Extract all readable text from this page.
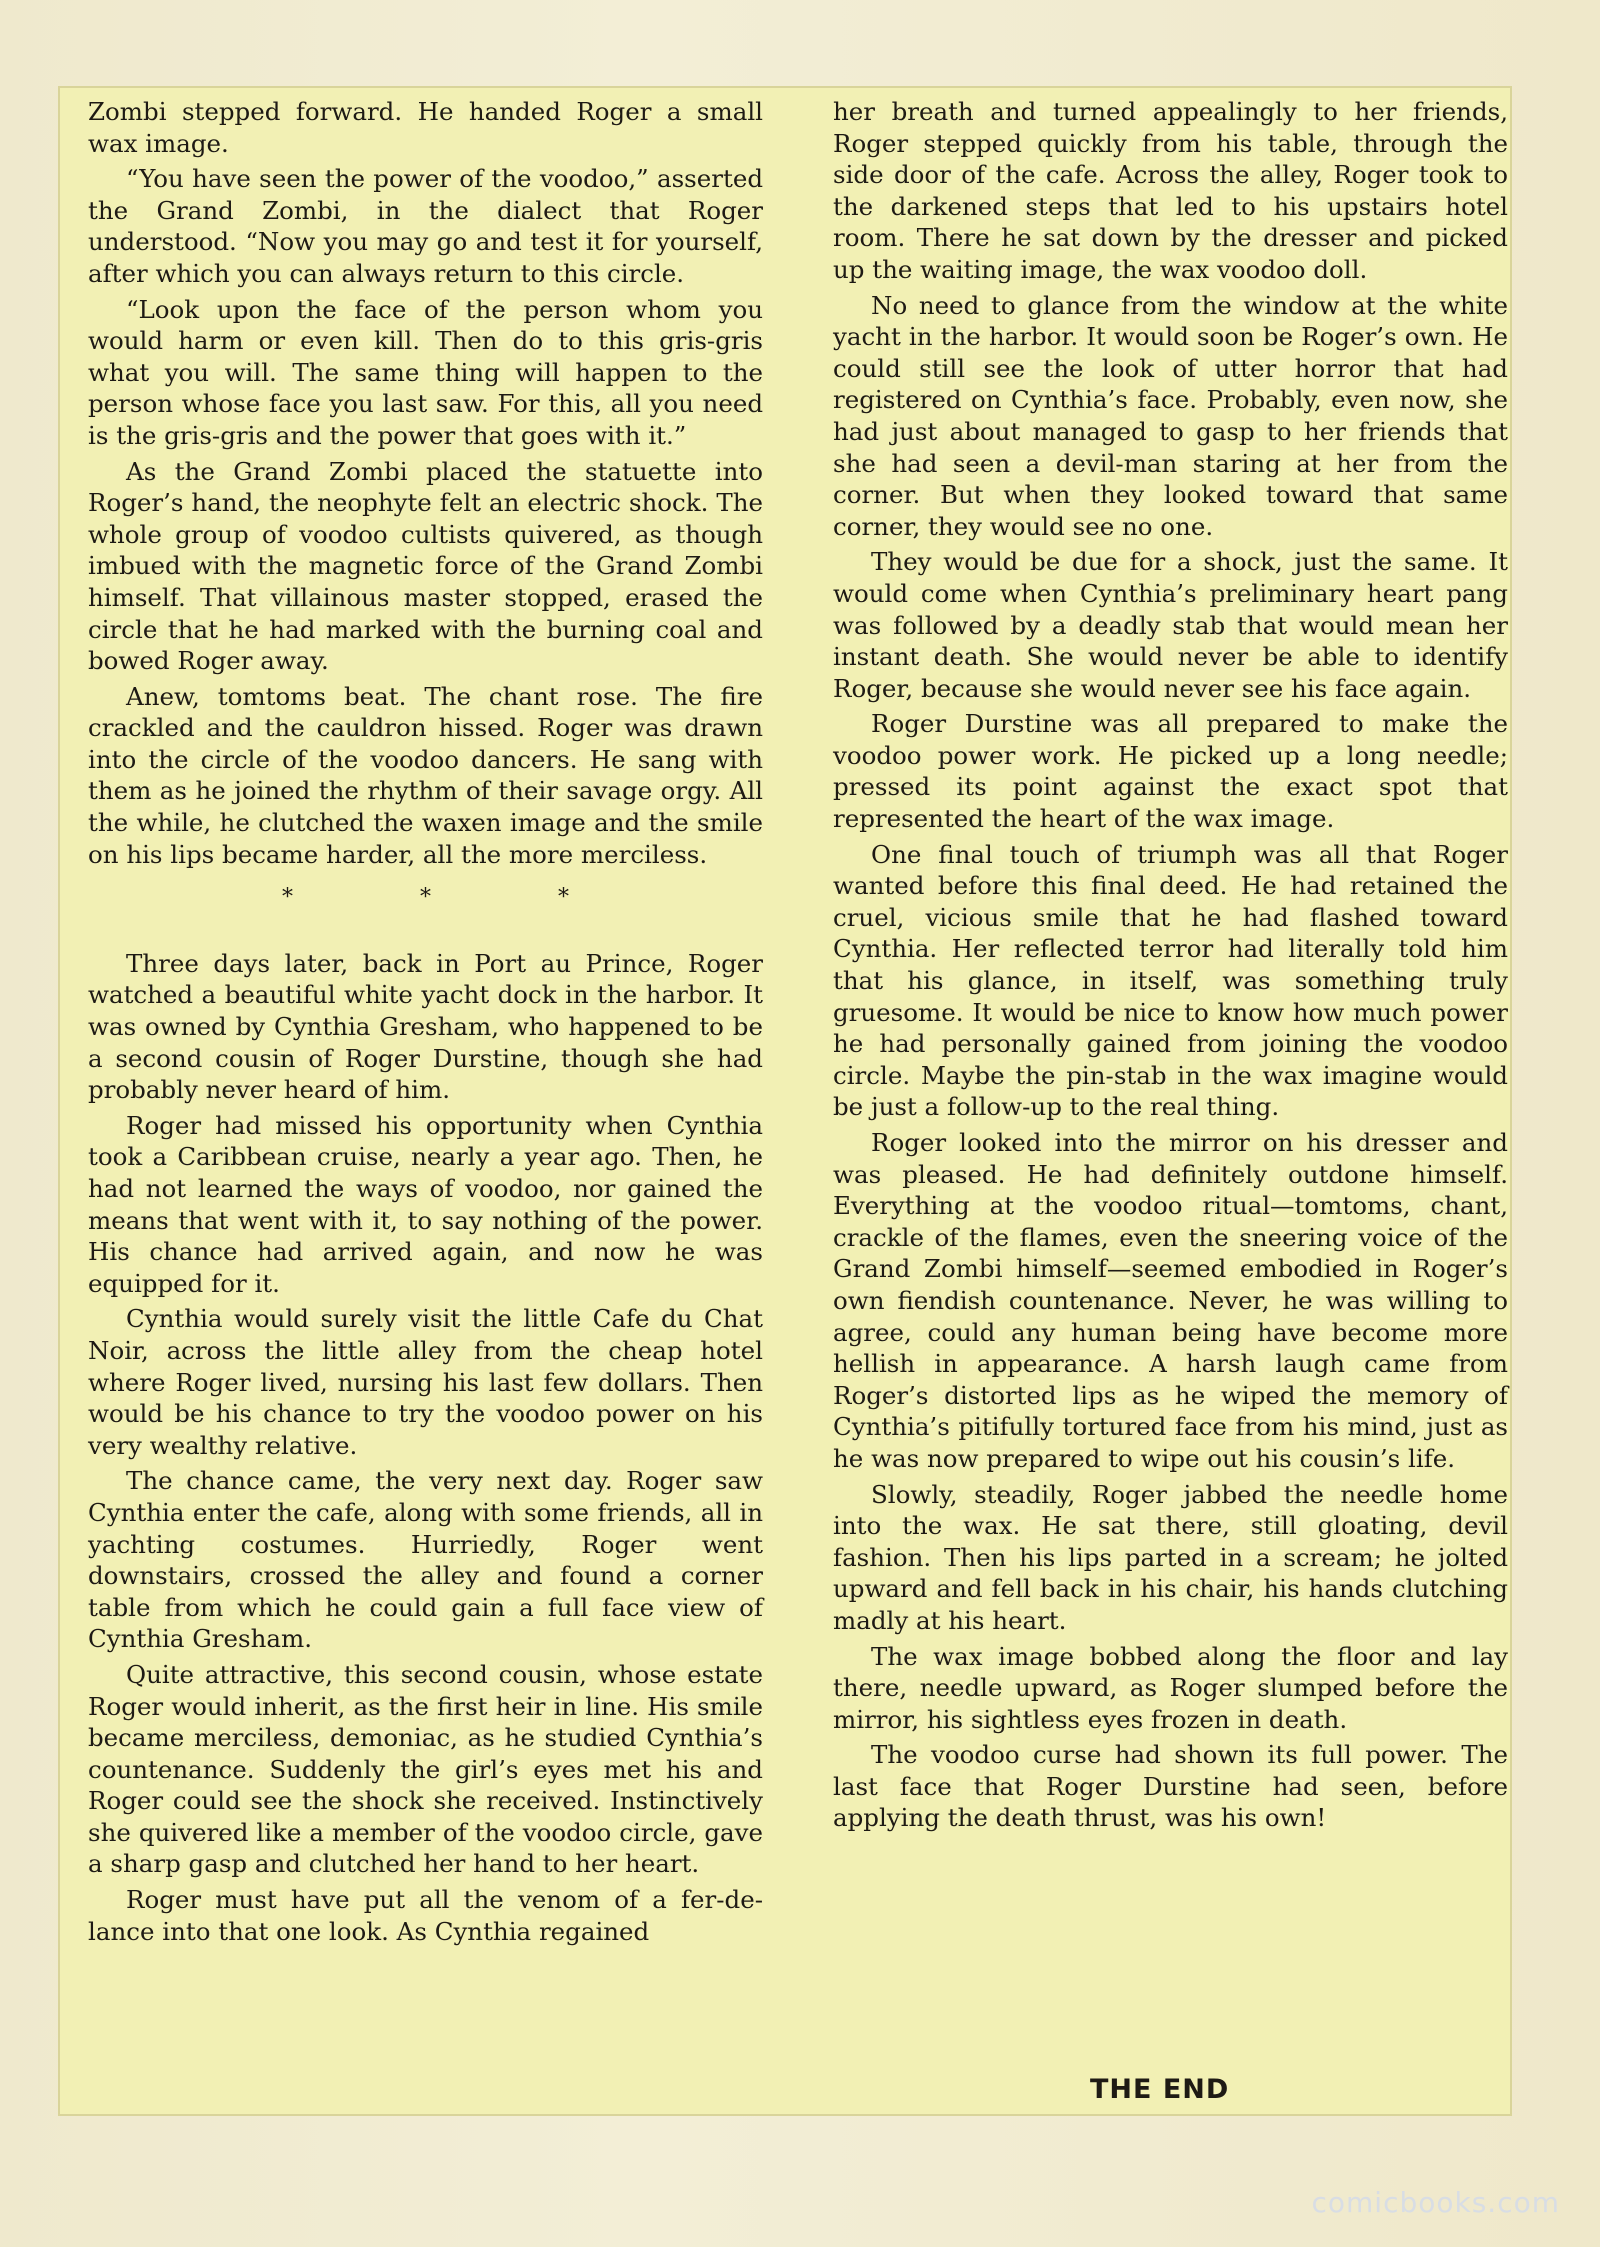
Zombi stepped forward. He handed Roger a small wax image.

“You have seen the power of the voodoo,” asserted the Grand Zombi, in the dialect that Roger understood. “Now you may go and test it for yourself, after which you can always return to this circle.

“Look upon the face of the person whom you would harm or even kill. Then do to this gris-gris what you will. The same thing will happen to the person whose face you last saw. For this, all you need is the gris-gris and the power that goes with it.”

As the Grand Zombi placed the statuette into Roger’s hand, the neophyte felt an electric shock. The whole group of voodoo cultists quivered, as though imbued with the magnetic force of the Grand Zombi himself. That villainous master stopped, erased the circle that he had marked with the burning coal and bowed Roger away.

Anew, tomtoms beat. The chant rose. The fire crackled and the cauldron hissed. Roger was drawn into the circle of the voodoo dancers. He sang with them as he joined the rhythm of their savage orgy. All the while, he clutched the waxen image and the smile on his lips became harder, all the more merciless.

* * *

Three days later, back in Port au Prince, Roger watched a beautiful white yacht dock in the harbor. It was owned by Cynthia Gresham, who happened to be a second cousin of Roger Durstine, though she had probably never heard of him.

Roger had missed his opportunity when Cynthia took a Caribbean cruise, nearly a year ago. Then, he had not learned the ways of voodoo, nor gained the means that went with it, to say nothing of the power. His chance had arrived again, and now he was equipped for it.

Cynthia would surely visit the little Cafe du Chat Noir, across the little alley from the cheap hotel where Roger lived, nursing his last few dollars. Then would be his chance to try the voodoo power on his very wealthy relative.

The chance came, the very next day. Roger saw Cynthia enter the cafe, along with some friends, all in yachting costumes. Hurriedly, Roger went downstairs, crossed the alley and found a corner table from which he could gain a full face view of Cynthia Gresham.

Quite attractive, this second cousin, whose estate Roger would inherit, as the first heir in line. His smile became merciless, demoniac, as he studied Cynthia’s countenance. Suddenly the girl’s eyes met his and Roger could see the shock she received. Instinctively she quivered like a member of the voodoo circle, gave a sharp gasp and clutched her hand to her heart.

Roger must have put all the venom of a fer-de-lance into that one look. As Cynthia regained

her breath and turned appealingly to her friends, Roger stepped quickly from his table, through the side door of the cafe. Across the alley, Roger took to the darkened steps that led to his upstairs hotel room. There he sat down by the dresser and picked up the waiting image, the wax voodoo doll.

No need to glance from the window at the white yacht in the harbor. It would soon be Roger’s own. He could still see the look of utter horror that had registered on Cynthia’s face. Probably, even now, she had just about managed to gasp to her friends that she had seen a devil-man staring at her from the corner. But when they looked toward that same corner, they would see no one.

They would be due for a shock, just the same. It would come when Cynthia’s preliminary heart pang was followed by a deadly stab that would mean her instant death. She would never be able to identify Roger, because she would never see his face again.

Roger Durstine was all prepared to make the voodoo power work. He picked up a long needle; pressed its point against the exact spot that represented the heart of the wax image.

One final touch of triumph was all that Roger wanted before this final deed. He had retained the cruel, vicious smile that he had flashed toward Cynthia. Her reflected terror had literally told him that his glance, in itself, was something truly gruesome. It would be nice to know how much power he had personally gained from joining the voodoo circle. Maybe the pin-stab in the wax imagine would be just a follow-up to the real thing.

Roger looked into the mirror on his dresser and was pleased. He had definitely outdone himself. Everything at the voodoo ritual—tomtoms, chant, crackle of the flames, even the sneering voice of the Grand Zombi himself—seemed embodied in Roger’s own fiendish countenance. Never, he was willing to agree, could any human being have become more hellish in appearance. A harsh laugh came from Roger’s distorted lips as he wiped the memory of Cynthia’s pitifully tortured face from his mind, just as he was now prepared to wipe out his cousin’s life.

Slowly, steadily, Roger jabbed the needle home into the wax. He sat there, still gloating, devil fashion. Then his lips parted in a scream; he jolted upward and fell back in his chair, his hands clutching madly at his heart.

The wax image bobbed along the floor and lay there, needle upward, as Roger slumped before the mirror, his sightless eyes frozen in death.

The voodoo curse had shown its full power. The last face that Roger Durstine had seen, before applying the death thrust, was his own!

THE END
comicbooks.com
